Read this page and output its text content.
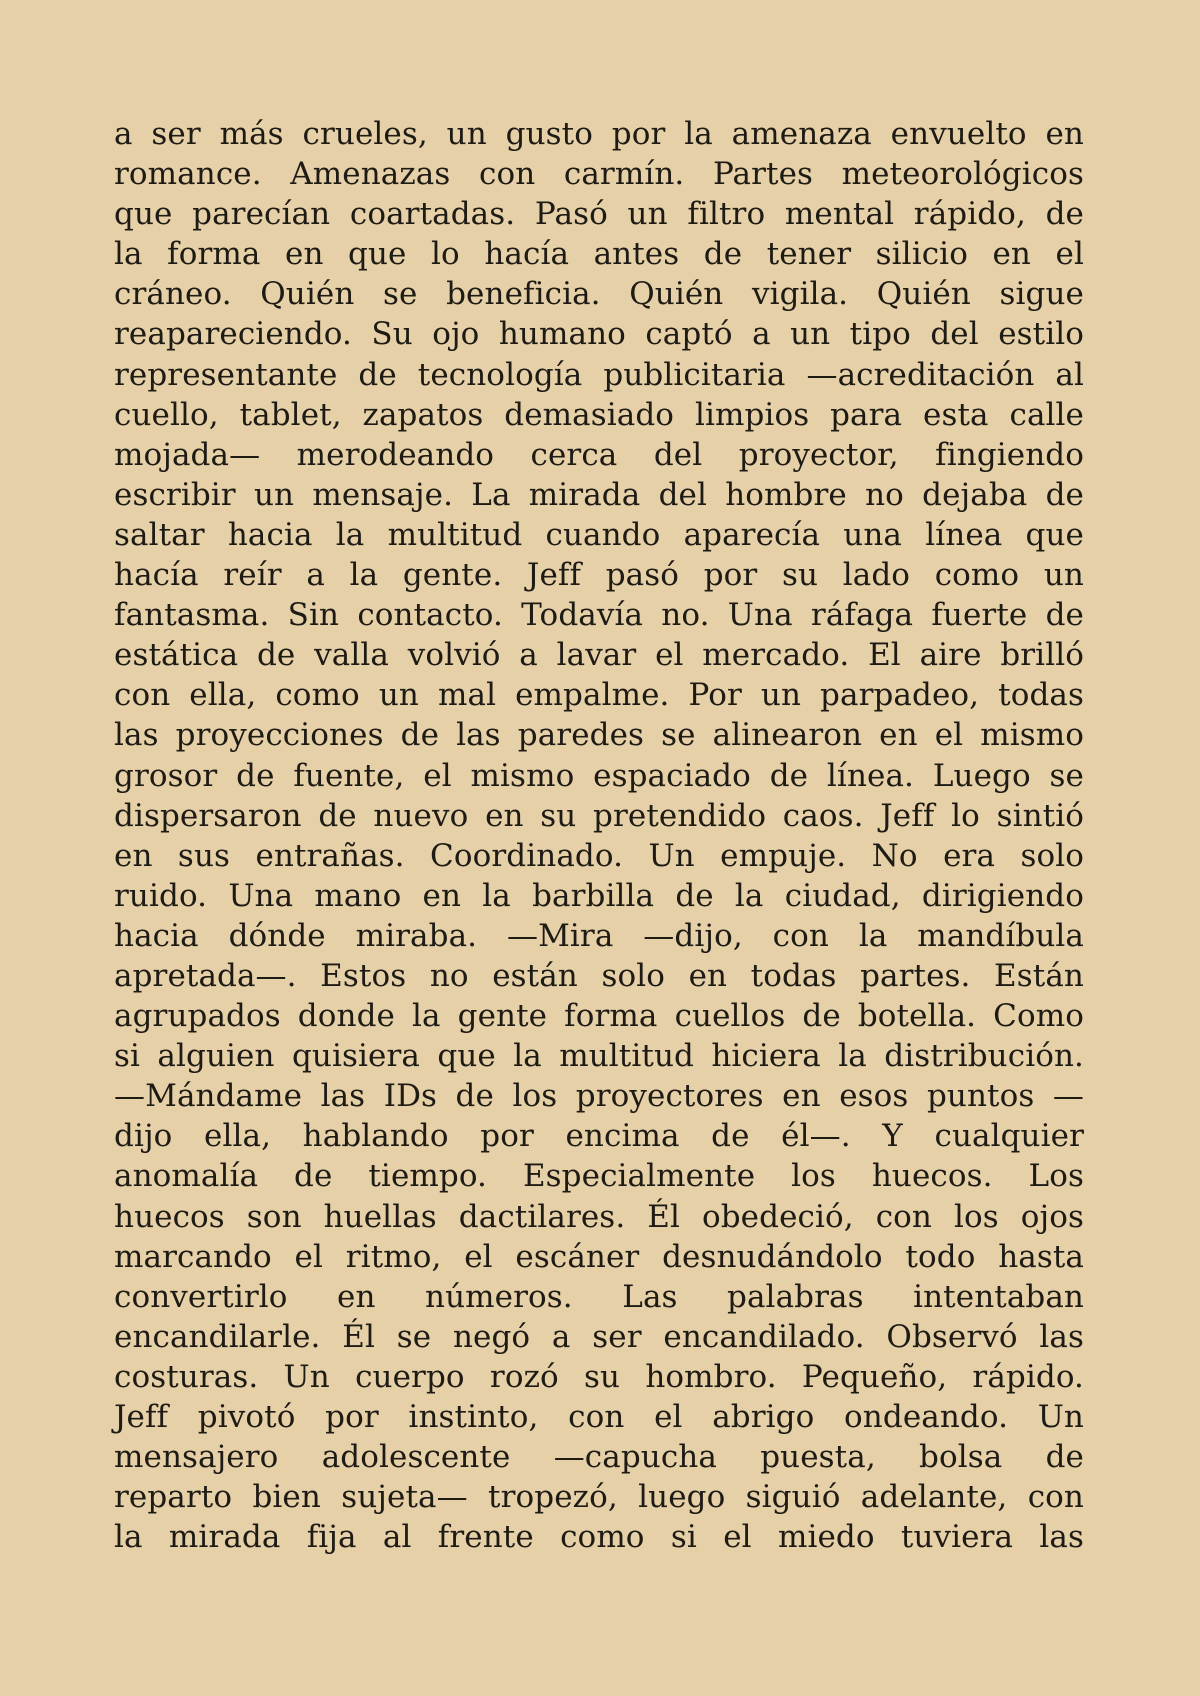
a ser más crueles, un gusto por la amenaza envuelto en
romance. Amenazas con carmín. Partes meteorológicos
que parecían coartadas. Pasó un filtro mental rápido, de
la forma en que lo hacía antes de tener silicio en el
cráneo. Quién se beneficia. Quién vigila. Quién sigue
reapareciendo. Su ojo humano captó a un tipo del estilo
representante de tecnología publicitaria —acreditación al
cuello, tablet, zapatos demasiado limpios para esta calle
mojada— merodeando cerca del proyector, fingiendo
escribir un mensaje. La mirada del hombre no dejaba de
saltar hacia la multitud cuando aparecía una línea que
hacía reír a la gente. Jeff pasó por su lado como un
fantasma. Sin contacto. Todavía no. Una ráfaga fuerte de
estática de valla volvió a lavar el mercado. El aire brilló
con ella, como un mal empalme. Por un parpadeo, todas
las proyecciones de las paredes se alinearon en el mismo
grosor de fuente, el mismo espaciado de línea. Luego se
dispersaron de nuevo en su pretendido caos. Jeff lo sintió
en sus entrañas. Coordinado. Un empuje. No era solo
ruido. Una mano en la barbilla de la ciudad, dirigiendo
hacia dónde miraba. —Mira —dijo, con la mandíbula
apretada—. Estos no están solo en todas partes. Están
agrupados donde la gente forma cuellos de botella. Como
si alguien quisiera que la multitud hiciera la distribución.
—Mándame las IDs de los proyectores en esos puntos —
dijo ella, hablando por encima de él—. Y cualquier
anomalía de tiempo. Especialmente los huecos. Los
huecos son huellas dactilares. Él obedeció, con los ojos
marcando el ritmo, el escáner desnudándolo todo hasta
convertirlo en números. Las palabras intentaban
encandilarle. Él se negó a ser encandilado. Observó las
costuras. Un cuerpo rozó su hombro. Pequeño, rápido.
Jeff pivotó por instinto, con el abrigo ondeando. Un
mensajero adolescente —capucha puesta, bolsa de
reparto bien sujeta— tropezó, luego siguió adelante, con
la mirada fija al frente como si el miedo tuviera las
